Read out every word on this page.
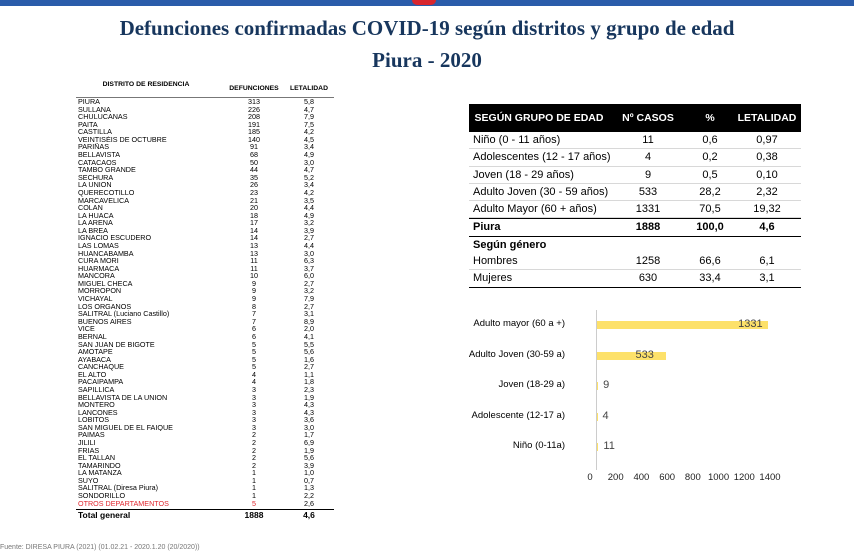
Defunciones confirmadas COVID-19 según distritos y grupo de edad
Piura - 2020
DISTRITO DE RESIDENCIA
DEFUNCIONES	LETALIDAD
PIURA	313	5,8
SULLANA	226	4,7
CHULUCANAS	208	7,9
PAITA	191	7,5
CASTILLA	185	4,2
VEINTISÉIS DE OCTUBRE	140	4,5
PARIÑAS	91	3,4
BELLAVISTA	68	4,9
CATACAOS	50	3,0
TAMBO GRANDE	44	4,7
SECHURA	35	5,2
LA UNION	26	3,4
QUERECOTILLO	23	4,2
MARCAVELICA	21	3,5
COLAN	20	4,4
LA HUACA	18	4,9
LA ARENA	17	3,2
LA BREA	14	3,9
IGNACIO ESCUDERO	14	2,7
LAS LOMAS	13	4,4
HUANCABAMBA	13	3,0
CURA MORI	11	6,3
HUARMACA	11	3,7
MANCORA	10	6,0
MIGUEL CHECA	9	2,7
MORROPON	9	3,2
VICHAYAL	9	7,9
LOS ORGANOS	8	2,7
SALITRAL (Luciano Castillo)	7	3,1
BUENOS AIRES	7	8,9
VICE	6	2,0
BERNAL	6	4,1
SAN JUAN DE BIGOTE	5	5,5
AMOTAPE	5	5,6
AYABACA	5	1,6
CANCHAQUE	5	2,7
EL ALTO	4	1,1
PACAIPAMPA	4	1,8
SAPILLICA	3	2,3
BELLAVISTA DE LA UNION	3	1,9
MONTERO	3	4,3
LANCONES	3	4,3
LOBITOS	3	3,6
SAN MIGUEL DE EL FAIQUE	3	3,0
PAIMAS	2	1,7
JILILI	2	6,9
FRIAS	2	1,9
EL TALLAN	2	5,6
TAMARINDO	2	3,9
LA MATANZA	1	1,0
SUYO	1	0,7
SALITRAL (Diresa Piura)	1	1,3
SONDORILLO	1	2,2
OTROS DEPARTAMENTOS	5	2,6
Total general	1888	4,6
SEGÚN GRUPO DE EDAD	Nº CASOS	%	LETALIDAD
Niño (0 - 11 años)	11	0,6	0,97
Adolescentes (12 - 17 años)	4	0,2	0,38
Joven (18 - 29 años)	9	0,5	0,10
Adulto Joven (30 - 59 años)	533	28,2	2,32
Adulto Mayor (60 + años)	1331	70,5	19,32
Piura	1888	100,0	4,6
Según género
Hombres	1258	66,6	6,1
Mujeres	630	33,4	3,1
Adulto mayor (60 a +)	1331
Adulto Joven (30-59 a)	533
Joven (18-29 a)	9
Adolescente (12-17 a)	4
Niño (0-11a)	11
0 200 400 600 800 1000 1200 1400
Fuente: DIRESA PIURA (2021) (01.02.21 - 2020.1.20 (20/2020))
